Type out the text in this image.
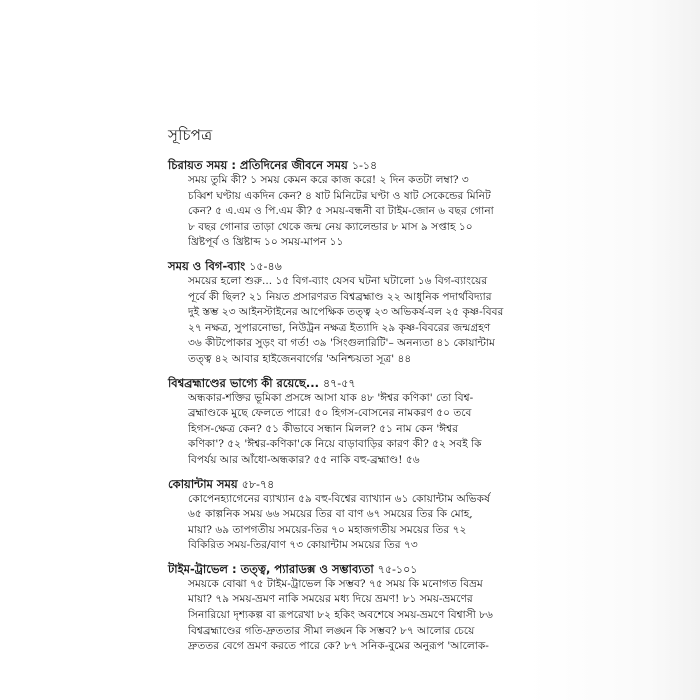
সূচিপত্র
চিরায়ত সময় : প্রতিদিনের জীবনে সময় ১-১৪
সময় তুমি কী? ১ সময় কেমন করে কাজ করে! ২ দিন কতটা লম্বা? ৩
চব্বিশ ঘণ্টায় একদিন কেন? ৪ ষাট মিনিটের ঘণ্টা ও ষাট সেকেন্ডের মিনিট
কেন? ৫ এ.এম ও পি.এম কী? ৫ সময়-বন্ধনী বা টাইম-জোন ৬ বছর গোনা
৮ বছর গোনার তাড়া থেকে জন্ম নেয় ক্যালেন্ডার ৮ মাস ৯ সপ্তাহ ১০
খ্রিষ্টপূর্ব ও খ্রিষ্টাব্দ ১০ সময়-মাপন ১১
সময় ও বিগ-ব্যাং ১৫-৪৬
সময়ের হলো শুরু... ১৫ বিগ-ব্যাং যেসব ঘটনা ঘটালো ১৬ বিগ-ব্যাংয়ের
পূর্বে কী ছিল? ২১ নিয়ত প্রসারণরত বিশ্বব্রহ্মাণ্ড ২২ আধুনিক পদার্থবিদ্যার
দুই স্তম্ভ ২৩ আইনস্টাইনের আপেক্ষিক তত্ত্ব ২৩ অভিকর্ষ-বল ২৫ কৃষ্ণ-বিবর
২৭ নক্ষত্র, সুপারনোভা, নিউট্রন নক্ষত্র ইত্যাদি ২৯ কৃষ্ণ-বিবরের জন্মগ্রহণ
৩৬ কীটপোকার সুড়ং বা গর্ত! ৩৯ 'সিংগুলারিটি'– অনন্যতা ৪১ কোয়ান্টাম
তত্ত্ব ৪২ আবার হাইজেনবার্গের 'অনিশ্চয়তা সূত্র' ৪৪
বিশ্বব্রহ্মাণ্ডের ভাগ্যে কী রয়েছে... ৪৭-৫৭
অন্ধকার-শক্তির ভূমিকা প্রসঙ্গে আসা যাক ৪৮ 'ঈশ্বর কণিকা' তো বিশ্ব-
ব্রহ্মাণ্ডকে মুছে ফেলতে পারে! ৫০ হিগস-বোসনের নামকরণ ৫০ তবে
হিগস-ক্ষেত্র কেন? ৫১ কীভাবে সন্ধান মিলল? ৫১ নাম কেন 'ঈশ্বর
কণিকা'? ৫২ 'ঈশ্বর-কণিকা'কে নিয়ে বাড়াবাড়ির কারণ কী? ৫২ সবই কি
বিপর্যয় আর আঁধো-অন্ধকার? ৫৫ নাকি বহু-ব্রহ্মাণ্ড! ৫৬
কোয়ান্টাম সময় ৫৮-৭৪
কোপেনহ্যাগেনের ব্যাখ্যান ৫৯ বহু-বিশ্বের ব্যাখ্যান ৬১ কোয়ান্টাম অভিকর্ষ
৬৫ কাল্পনিক সময় ৬৬ সময়ের তির বা বাণ ৬৭ সময়ের তির কি মোহ,
মায়া? ৬৯ তাপগতীয় সময়ের-তির ৭০ মহাজগতীয় সময়ের তির ৭২
বিকিরিত সময়-তির/বাণ ৭৩ কোয়ান্টাম সময়ের তির ৭৩
টাইম-ট্রাভেল : তত্ত্ব, প্যারাডক্স ও সম্ভাব্যতা ৭৫-১০১
সময়কে বোঝা ৭৫ টাইম-ট্রাভেল কি সম্ভব? ৭৫ সময় কি মনোগত বিভ্রম
মায়া? ৭৯ সময়-ভ্রমণ নাকি সময়ের মধ্য দিয়ে ভ্রমণ! ৮১ সময়-ভ্রমণের
সিনারিয়ো দৃশ্যকল্প বা রূপরেখা ৮২ হকিং অবশেষে সময়-ভ্রমণে বিশ্বাসী ৮৬
বিশ্বব্রহ্মাণ্ডের গতি-দ্রুততার সীমা লঙ্ঘন কি সম্ভব? ৮৭ আলোর চেয়ে
দ্রুততর বেগে ভ্রমণ করতে পারে কে? ৮৭ সনিক-বুমের অনুরূপ 'আলোক-
